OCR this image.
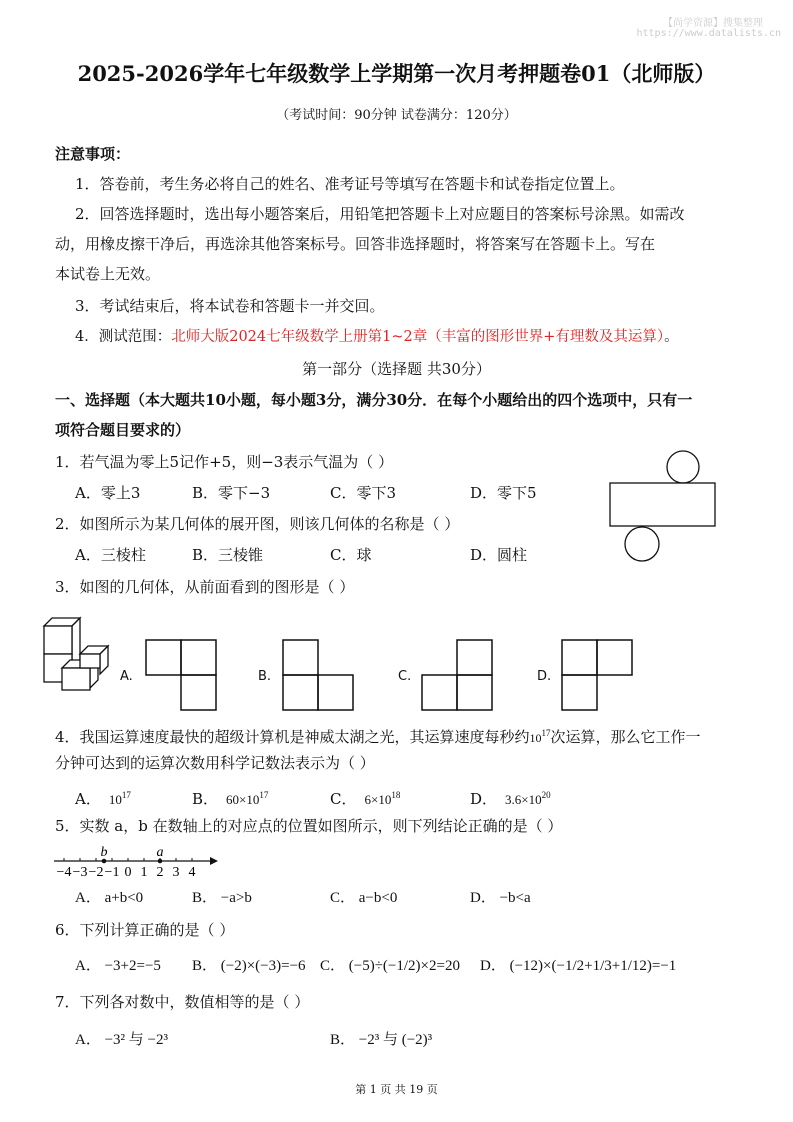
【尚学资源】搜集整理
https://www.datalists.cn
2025-2026学年七年级数学上学期第一次月考押题卷01（北师版）
（考试时间：90分钟 试卷满分：120分）
注意事项：
1．答卷前，考生务必将自己的姓名、准考证号等填写在答题卡和试卷指定位置上。
2．回答选择题时，选出每小题答案后，用铅笔把答题卡上对应题目的答案标号涂黑。如需改
动，用橡皮擦干净后，再选涂其他答案标号。回答非选择题时，将答案写在答题卡上。写在
本试卷上无效。
3．考试结束后，将本试卷和答题卡一并交回。
4．测试范围：北师大版2024七年级数学上册第1~2章（丰富的图形世界+有理数及其运算）。
第一部分（选择题 共30分）
一、选择题（本大题共10小题，每小题3分，满分30分．在每个小题给出的四个选项中，只有一
项符合题目要求的）
1．若气温为零上5记作+5，则−3表示气温为（ ）
A．零上3	B．零下−3	C．零下3	D．零下5
2．如图所示为某几何体的展开图，则该几何体的名称是（ ）
A．三棱柱	B．三棱锥	C．球	D．圆柱
3．如图的几何体，从前面看到的图形是（ ）
A.	B.	C.	D.
4．我国运算速度最快的超级计算机是神威太湖之光，其运算速度每秒约$10^{17}$次运算，那么它工作一
分钟可达到的运算次数用科学记数法表示为（ ）
A． $10^{17}$	B． $60\times 10^{17}$	C． $6\times 10^{18}$	D． $3.6\times 10^{20}$
5．实数 a，b 在数轴上的对应点的位置如图所示，则下列结论正确的是（ ）
−4 −3 −2 −1 0 1 2 3 4
b	a
A． a+b<0	B． −a>b	C． a−b<0	D． −b<a
6．下列计算正确的是（ ）
A． −3+2=−5 B． (−2)×(−3)=−6 C． (−5)÷(−1/2)×2=20 D． (−12)×(−1/2+1/3+1/12)=−1
7．下列各对数中，数值相等的是（ ）
A． −3² 与 −2³	B． −2³ 与 (−2)³
第 1 页 共 19 页
